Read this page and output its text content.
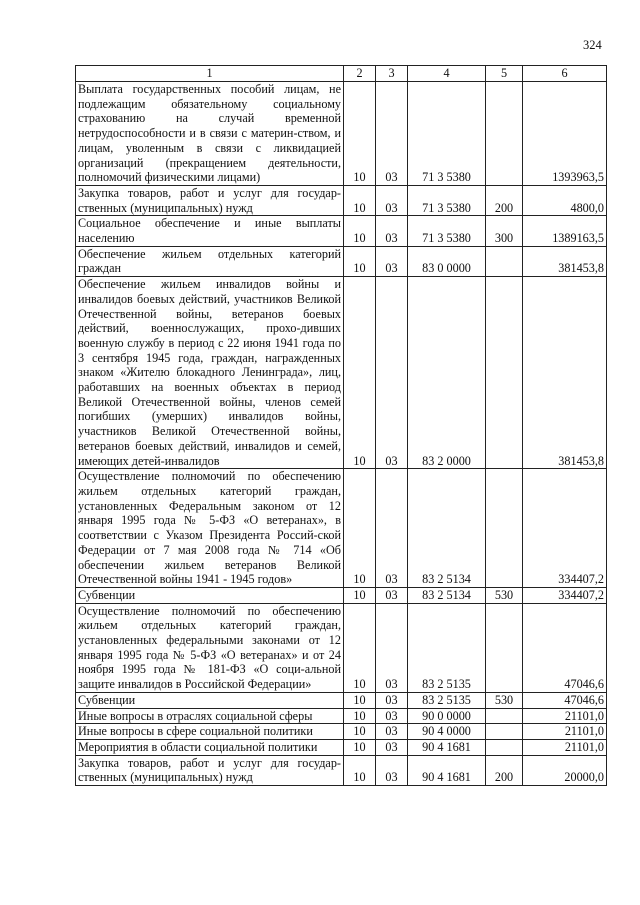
324
1	2	3	4	5	6
Выплата государственных пособий лицам, не подлежащим обязательному социальному страхованию на случай временной нетрудоспособности и в связи с материн-ством, и лицам, уволенным в связи с ликвидацией организаций (прекращением деятельности, полномочий физическими лицами)	10	03	71 3 5380		1393963,5
Закупка товаров, работ и услуг для государ-ственных (муниципальных) нужд	10	03	71 3 5380	200	4800,0
Социальное обеспечение и иные выплаты населению	10	03	71 3 5380	300	1389163,5
Обеспечение жильем отдельных категорий граждан	10	03	83 0 0000		381453,8
Обеспечение жильем инвалидов войны и инвалидов боевых действий, участников Великой Отечественной войны, ветеранов боевых действий, военнослужащих, прохо-дивших военную службу в период с 22 июня 1941 года по 3 сентября 1945 года, граждан, награжденных знаком «Жителю блокадного Ленинграда», лиц, работавших на военных объектах в период Великой Отечественной войны, членов семей погибших (умерших) инвалидов войны, участников Великой Отечественной войны, ветеранов боевых действий, инвалидов и семей, имеющих детей-инвалидов	10	03	83 2 0000		381453,8
Осуществление полномочий по обеспечению жильем отдельных категорий граждан, установленных Федеральным законом от 12 января 1995 года № 5-ФЗ «О ветеранах», в соответствии с Указом Президента Россий-ской Федерации от 7 мая 2008 года № 714 «Об обеспечении жильем ветеранов Великой Отечественной войны 1941 - 1945 годов»	10	03	83 2 5134		334407,2
Субвенции	10	03	83 2 5134	530	334407,2
Осуществление полномочий по обеспечению жильем отдельных категорий граждан, установленных федеральными законами от 12 января 1995 года № 5-ФЗ «О ветеранах» и от 24 ноября 1995 года № 181-ФЗ «О соци-альной защите инвалидов в Российской Федерации»	10	03	83 2 5135		47046,6
Субвенции	10	03	83 2 5135	530	47046,6
Иные вопросы в отраслях социальной сферы	10	03	90 0 0000		21101,0
Иные вопросы в сфере социальной политики	10	03	90 4 0000		21101,0
Мероприятия в области социальной политики	10	03	90 4 1681		21101,0
Закупка товаров, работ и услуг для государ-ственных (муниципальных) нужд	10	03	90 4 1681	200	20000,0
